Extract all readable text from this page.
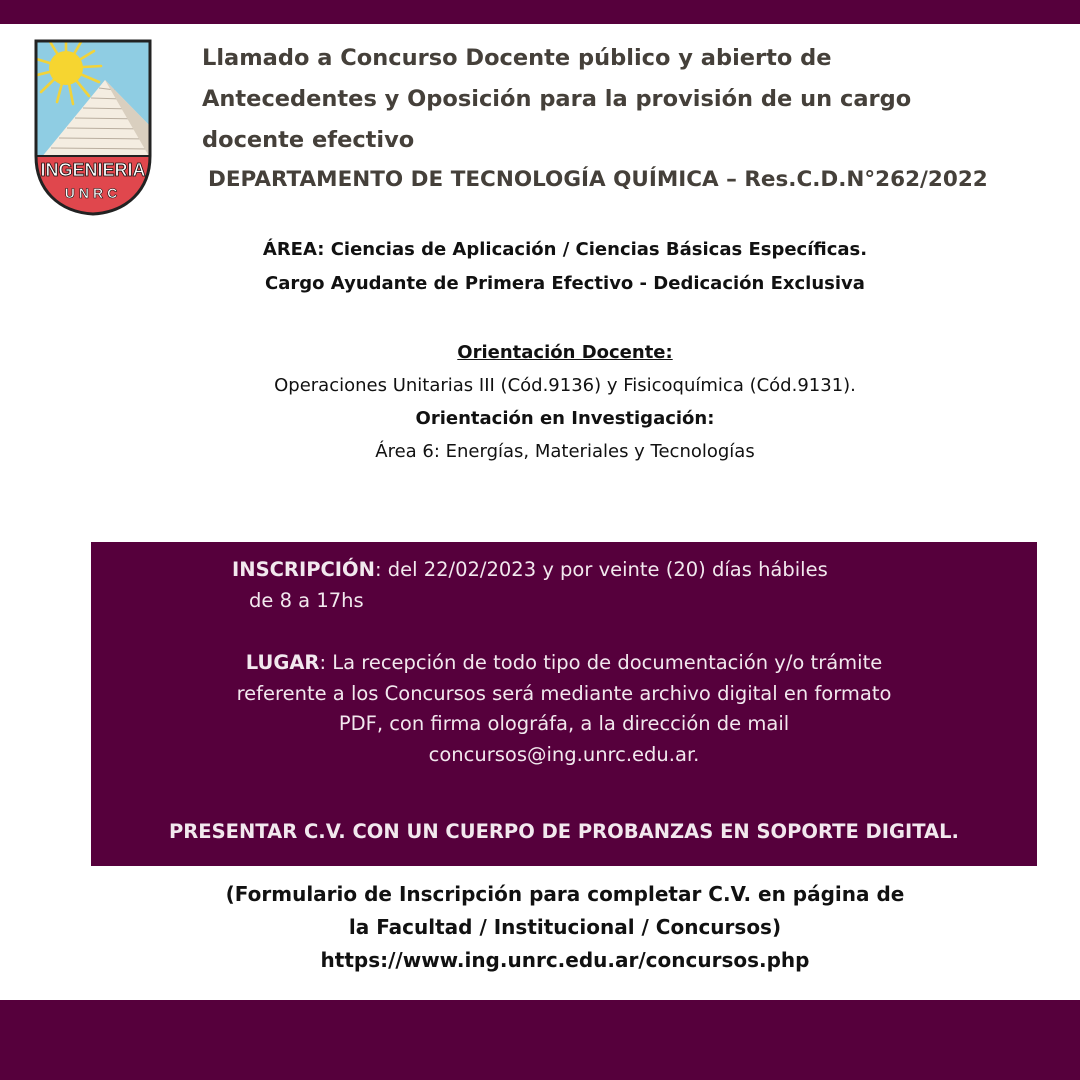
INGENIERIA
UNRC
Llamado a Concurso Docente público y abierto de
Antecedentes y Oposición para la provisión de un cargo
docente efectivo
DEPARTAMENTO DE TECNOLOGÍA QUÍMICA – Res.C.D.N°262/2022
ÁREA: Ciencias de Aplicación / Ciencias Básicas Específicas.
Cargo Ayudante de Primera Efectivo - Dedicación Exclusiva
Orientación Docente:
Operaciones Unitarias III (Cód.9136) y Fisicoquímica (Cód.9131).
Orientación en Investigación:
Área 6: Energías, Materiales y Tecnologías
INSCRIPCIÓN: del 22/02/2023 y por veinte (20) días hábiles
de 8 a 17hs
LUGAR: La recepción de todo tipo de documentación y/o trámite
referente a los Concursos será mediante archivo digital en formato
PDF, con firma olográfa, a la dirección de mail
concursos@ing.unrc.edu.ar.
PRESENTAR C.V. CON UN CUERPO DE PROBANZAS EN SOPORTE DIGITAL.
(Formulario de Inscripción para completar C.V. en página de
la Facultad / Institucional / Concursos)
https://www.ing.unrc.edu.ar/concursos.php
